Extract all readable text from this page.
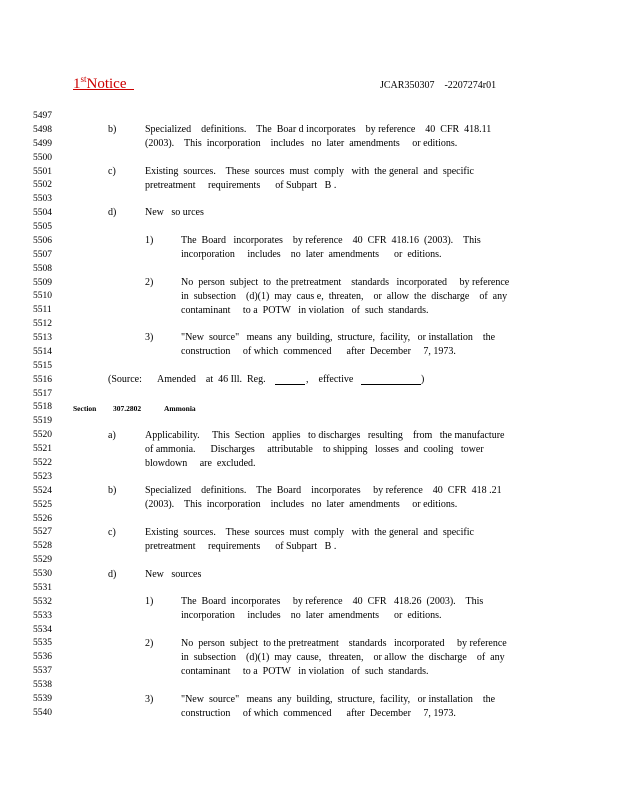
1stNotice	JCAR350307    -2207274r01
5497
5498
5499
5500
5501
5502
5503
5504
5505
5506
5507
5508
5509
5510
5511
5512
5513
5514
5515
5516
5517
5518
5519
5520
5521
5522
5523
5524
5525
5526
5527
5528
5529
5530
5531
5532
5533
5534
5535
5536
5537
5538
5539
5540
b)	Specialized    definitions.    The  Boar d incorporates    by reference    40  CFR  418.11
(2003).    This  incorporation    includes   no  later  amendments     or editions.
c)	Existing  sources.    These  sources  must  comply   with  the general  and  specific
pretreatment     requirements      of Subpart   B .
d)	New   so urces
1)	The  Board   incorporates    by reference    40  CFR  418.16  (2003).    This
incorporation     includes    no  later  amendments      or  editions.
2)	No  person  subject  to  the pretreatment    standards   incorporated     by reference
in  subsection    (d)(1)  may  caus e,  threaten,    or  allow  the  discharge    of  any
contaminant     to a  POTW   in violation   of  such  standards.
3)	"New  source"   means  any  building,  structure,  facility,   or installation    the
construction     of which  commenced      after  December     7, 1973.
(Source: Amended    at  46 Ill.  Reg.	,    effective	)
Section 307.2802	Ammonia
a)	Applicability.     This  Section   applies   to discharges   resulting    from   the manufacture
of ammonia.      Discharges     attributable    to shipping   losses  and  cooling   tower
blowdown     are  excluded.
b)	Specialized    definitions.    The  Board    incorporates     by reference    40  CFR  418 .21
(2003).    This  incorporation    includes   no  later  amendments     or editions.
c)	Existing  sources.    These  sources  must  comply   with  the general  and  specific
pretreatment     requirements      of Subpart   B .
d)	New   sources
1)	The  Board  incorporates     by reference    40  CFR   418.26  (2003).    This
incorporation     includes    no  later  amendments      or  editions.
2)	No  person  subject  to the pretreatment    standards   incorporated     by reference
in  subsection    (d)(1)  may  cause,   threaten,    or allow  the  discharge    of  any
contaminant     to a  POTW   in violation   of  such  standards.
3)	"New  source"   means  any  building,  structure,  facility,   or installation    the
construction     of which  commenced      after  December     7, 1973.
